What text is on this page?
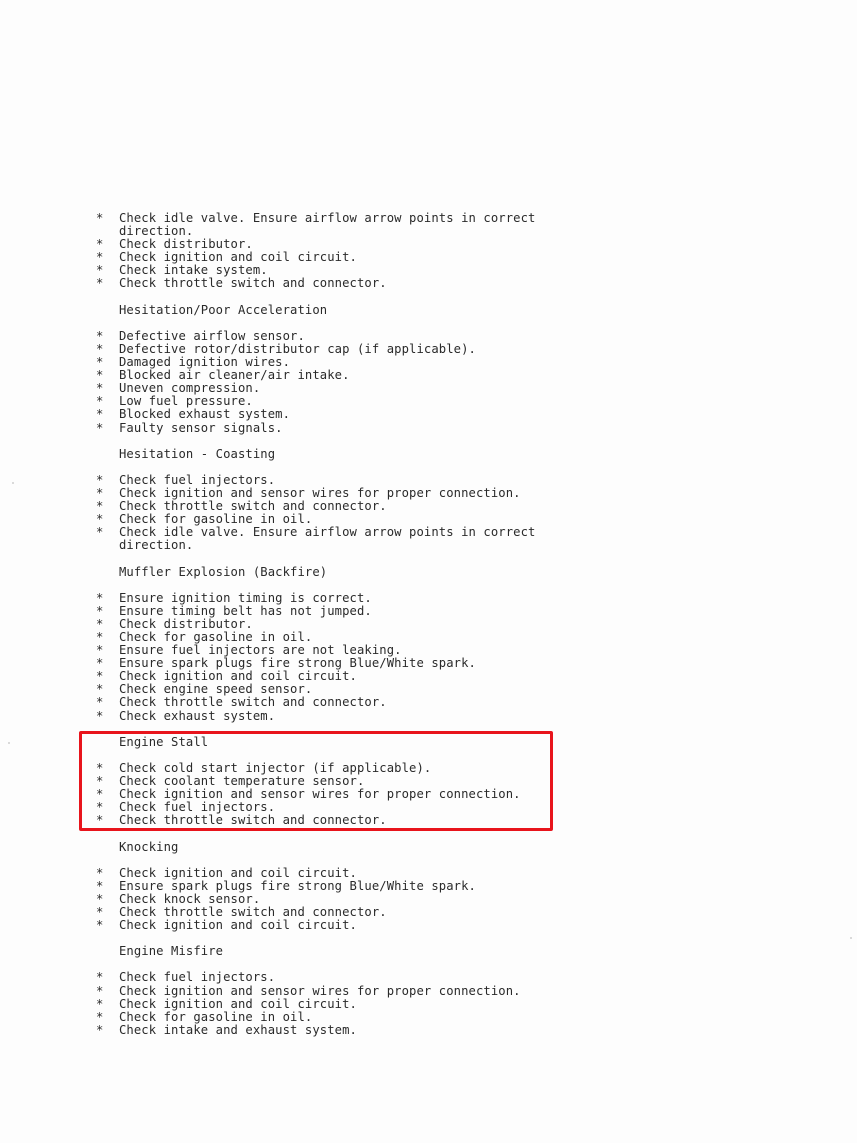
*	Check idle valve. Ensure airflow arrow points in correct
direction.
*	Check distributor.
*	Check ignition and coil circuit.
*	Check intake system.
*	Check throttle switch and connector.
Hesitation/Poor Acceleration
*	Defective airflow sensor.
*	Defective rotor/distributor cap (if applicable).
*	Damaged ignition wires.
*	Blocked air cleaner/air intake.
*	Uneven compression.
*	Low fuel pressure.
*	Blocked exhaust system.
*	Faulty sensor signals.
Hesitation - Coasting
*	Check fuel injectors.
*	Check ignition and sensor wires for proper connection.
*	Check throttle switch and connector.
*	Check for gasoline in oil.
*	Check idle valve. Ensure airflow arrow points in correct
direction.
Muffler Explosion (Backfire)
*	Ensure ignition timing is correct.
*	Ensure timing belt has not jumped.
*	Check distributor.
*	Check for gasoline in oil.
*	Ensure fuel injectors are not leaking.
*	Ensure spark plugs fire strong Blue/White spark.
*	Check ignition and coil circuit.
*	Check engine speed sensor.
*	Check throttle switch and connector.
*	Check exhaust system.
Engine Stall
*	Check cold start injector (if applicable).
*	Check coolant temperature sensor.
*	Check ignition and sensor wires for proper connection.
*	Check fuel injectors.
*	Check throttle switch and connector.
Knocking
*	Check ignition and coil circuit.
*	Ensure spark plugs fire strong Blue/White spark.
*	Check knock sensor.
*	Check throttle switch and connector.
*	Check ignition and coil circuit.
Engine Misfire
*	Check fuel injectors.
*	Check ignition and sensor wires for proper connection.
*	Check ignition and coil circuit.
*	Check for gasoline in oil.
*	Check intake and exhaust system.
